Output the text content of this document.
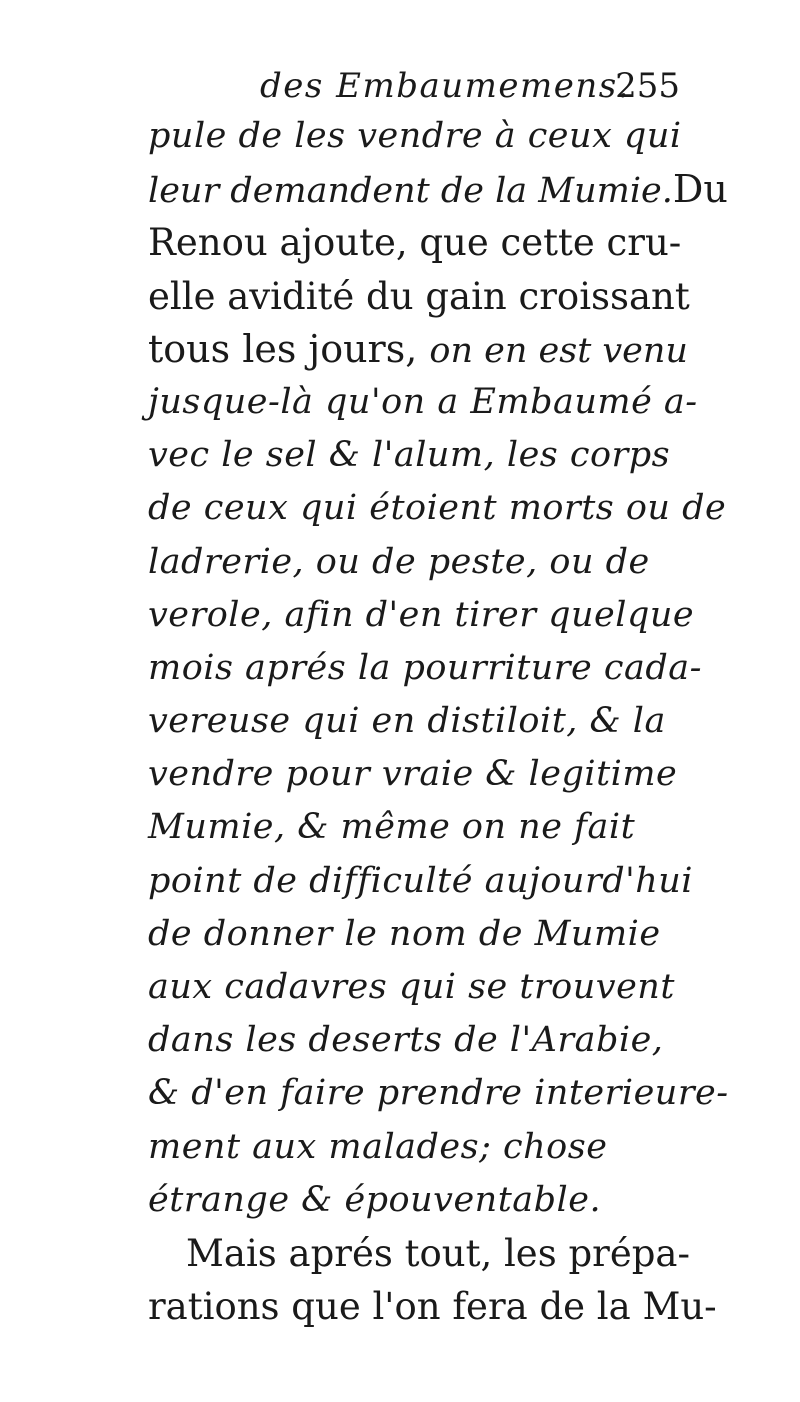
des Embaumemens.
255
pule de les vendre à ceux qui
leur demandent de la Mumie.Du
Renou ajoute, que cette cru-
elle avidité du gain croissant
tous les jours, on en est venu
jusque-là qu'on a Embaumé a-
vec le sel & l'alum, les corps
de ceux qui étoient morts ou de
ladrerie, ou de peste, ou de
verole, afin d'en tirer quelque
mois aprés la pourriture cada-
vereuse qui en distiloit, & la
vendre pour vraie & legitime
Mumie, & même on ne fait
point de difficulté aujourd'hui
de donner le nom de Mumie
aux cadavres qui se trouvent
dans les deserts de l'Arabie,
& d'en faire prendre interieure-
ment aux malades; chose
étrange & épouventable.
Mais aprés tout, les prépa-
rations que l'on fera de la Mu-
